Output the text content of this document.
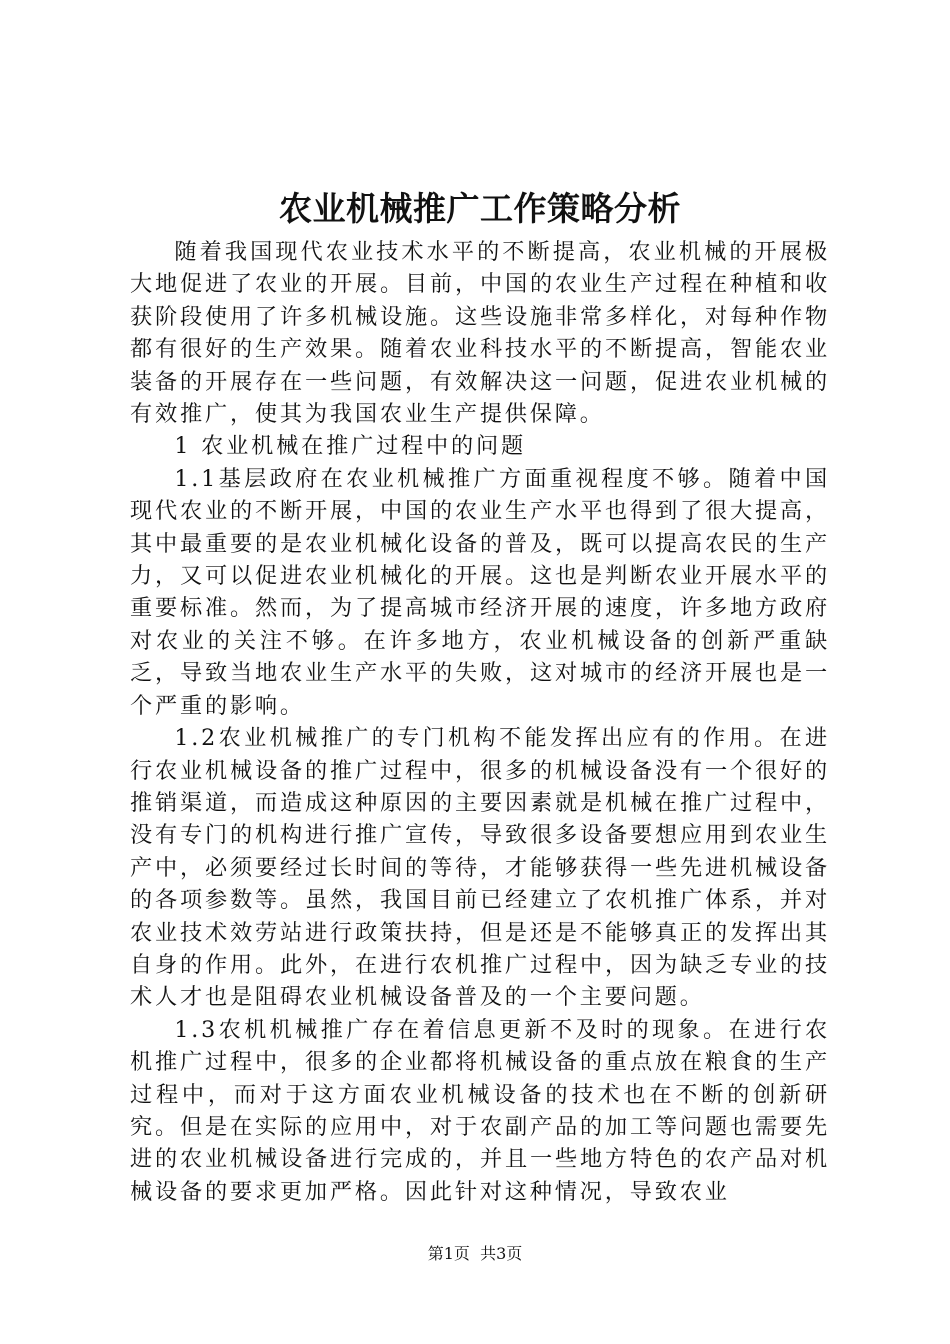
农业机械推广工作策略分析

随着我国现代农业技术水平的不断提高，农业机械的开展极大地促进了农业的开展。目前，中国的农业生产过程在种植和收获阶段使用了许多机械设施。这些设施非常多样化，对每种作物都有很好的生产效果。随着农业科技水平的不断提高，智能农业装备的开展存在一些问题，有效解决这一问题，促进农业机械的有效推广，使其为我国农业生产提供保障。

1 农业机械在推广过程中的问题

1.1基层政府在农业机械推广方面重视程度不够。随着中国现代农业的不断开展，中国的农业生产水平也得到了很大提高，其中最重要的是农业机械化设备的普及，既可以提高农民的生产力，又可以促进农业机械化的开展。这也是判断农业开展水平的重要标准。然而，为了提高城市经济开展的速度，许多地方政府对农业的关注不够。在许多地方，农业机械设备的创新严重缺乏，导致当地农业生产水平的失败，这对城市的经济开展也是一个严重的影响。

1.2农业机械推广的专门机构不能发挥出应有的作用。在进行农业机械设备的推广过程中，很多的机械设备没有一个很好的推销渠道，而造成这种原因的主要因素就是机械在推广过程中，没有专门的机构进行推广宣传，导致很多设备要想应用到农业生产中，必须要经过长时间的等待，才能够获得一些先进机械设备的各项参数等。虽然，我国目前已经建立了农机推广体系，并对农业技术效劳站进行政策扶持，但是还是不能够真正的发挥出其自身的作用。此外，在进行农机推广过程中，因为缺乏专业的技术人才也是阻碍农业机械设备普及的一个主要问题。

1.3农机机械推广存在着信息更新不及时的现象。在进行农机推广过程中，很多的企业都将机械设备的重点放在粮食的生产过程中，而对于这方面农业机械设备的技术也在不断的创新研究。但是在实际的应用中，对于农副产品的加工等问题也需要先进的农业机械设备进行完成的，并且一些地方特色的农产品对机械设备的要求更加严格。因此针对这种情况，导致农业

第1页  共3页
